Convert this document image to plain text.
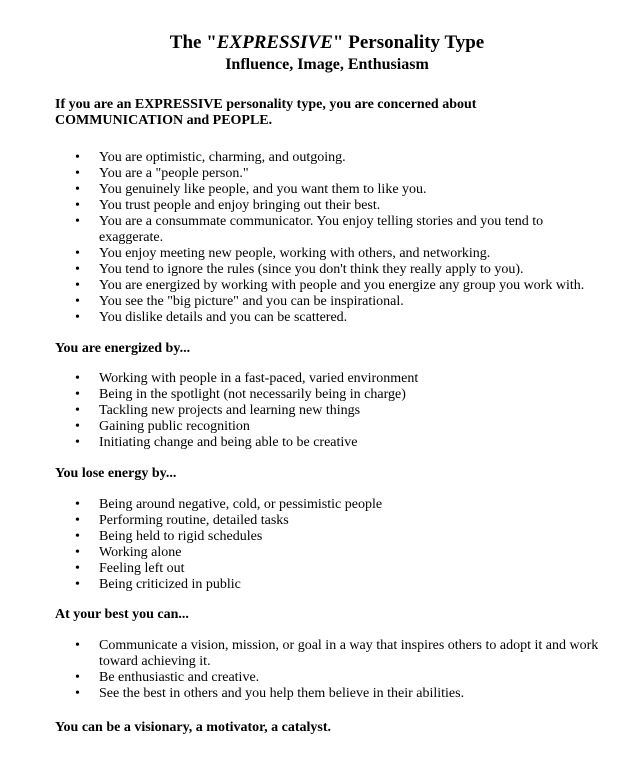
The "EXPRESSIVE" Personality Type
Influence, Image, Enthusiasm

If you are an EXPRESSIVE personality type, you are concerned about
COMMUNICATION and PEOPLE.

• You are optimistic, charming, and outgoing.
• You are a "people person."
• You genuinely like people, and you want them to like you.
• You trust people and enjoy bringing out their best.
• You are a consummate communicator. You enjoy telling stories and you tend to exaggerate.
• You enjoy meeting new people, working with others, and networking.
• You tend to ignore the rules (since you don't think they really apply to you).
• You are energized by working with people and you energize any group you work with.
• You see the "big picture" and you can be inspirational.
• You dislike details and you can be scattered.
You are energized by...
• Working with people in a fast-paced, varied environment
• Being in the spotlight (not necessarily being in charge)
• Tackling new projects and learning new things
• Gaining public recognition
• Initiating change and being able to be creative
You lose energy by...
• Being around negative, cold, or pessimistic people
• Performing routine, detailed tasks
• Being held to rigid schedules
• Working alone
• Feeling left out
• Being criticized in public
At your best you can...
• Communicate a vision, mission, or goal in a way that inspires others to adopt it and work toward achieving it.
• Be enthusiastic and creative.
• See the best in others and you help them believe in their abilities.

You can be a visionary, a motivator, a catalyst.
